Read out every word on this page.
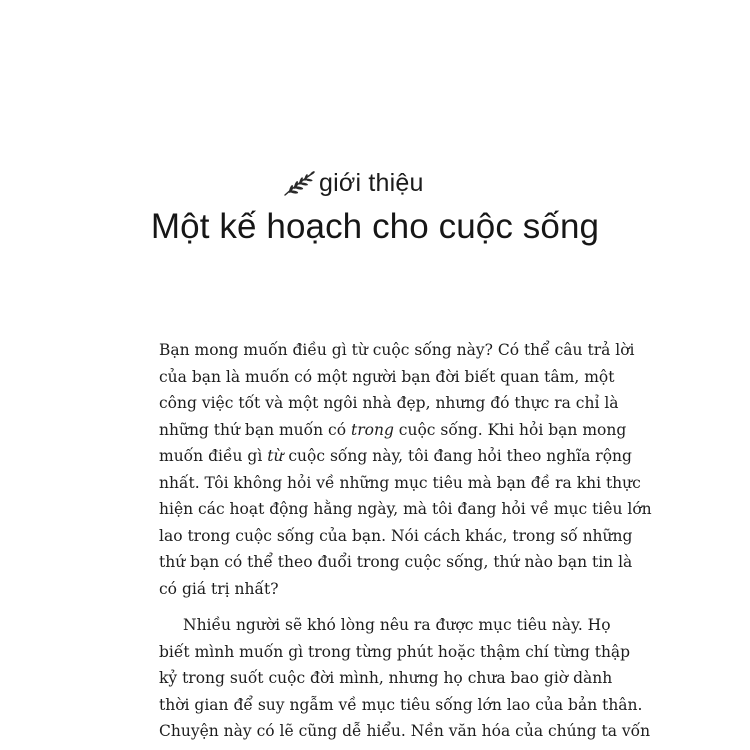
giới thiệu
Một kế hoạch cho cuộc sống
Bạn mong muốn điều gì từ cuộc sống này? Có thể câu trả lời
của bạn là muốn có một người bạn đời biết quan tâm, một
công việc tốt và một ngôi nhà đẹp, nhưng đó thực ra chỉ là
những thứ bạn muốn có trong cuộc sống. Khi hỏi bạn mong
muốn điều gì từ cuộc sống này, tôi đang hỏi theo nghĩa rộng
nhất. Tôi không hỏi về những mục tiêu mà bạn đề ra khi thực
hiện các hoạt động hằng ngày, mà tôi đang hỏi về mục tiêu lớn
lao trong cuộc sống của bạn. Nói cách khác, trong số những
thứ bạn có thể theo đuổi trong cuộc sống, thứ nào bạn tin là
có giá trị nhất?
Nhiều người sẽ khó lòng nêu ra được mục tiêu này. Họ
biết mình muốn gì trong từng phút hoặc thậm chí từng thập
kỷ trong suốt cuộc đời mình, nhưng họ chưa bao giờ dành
thời gian để suy ngẫm về mục tiêu sống lớn lao của bản thân.
Chuyện này có lẽ cũng dễ hiểu. Nền văn hóa của chúng ta vốn
